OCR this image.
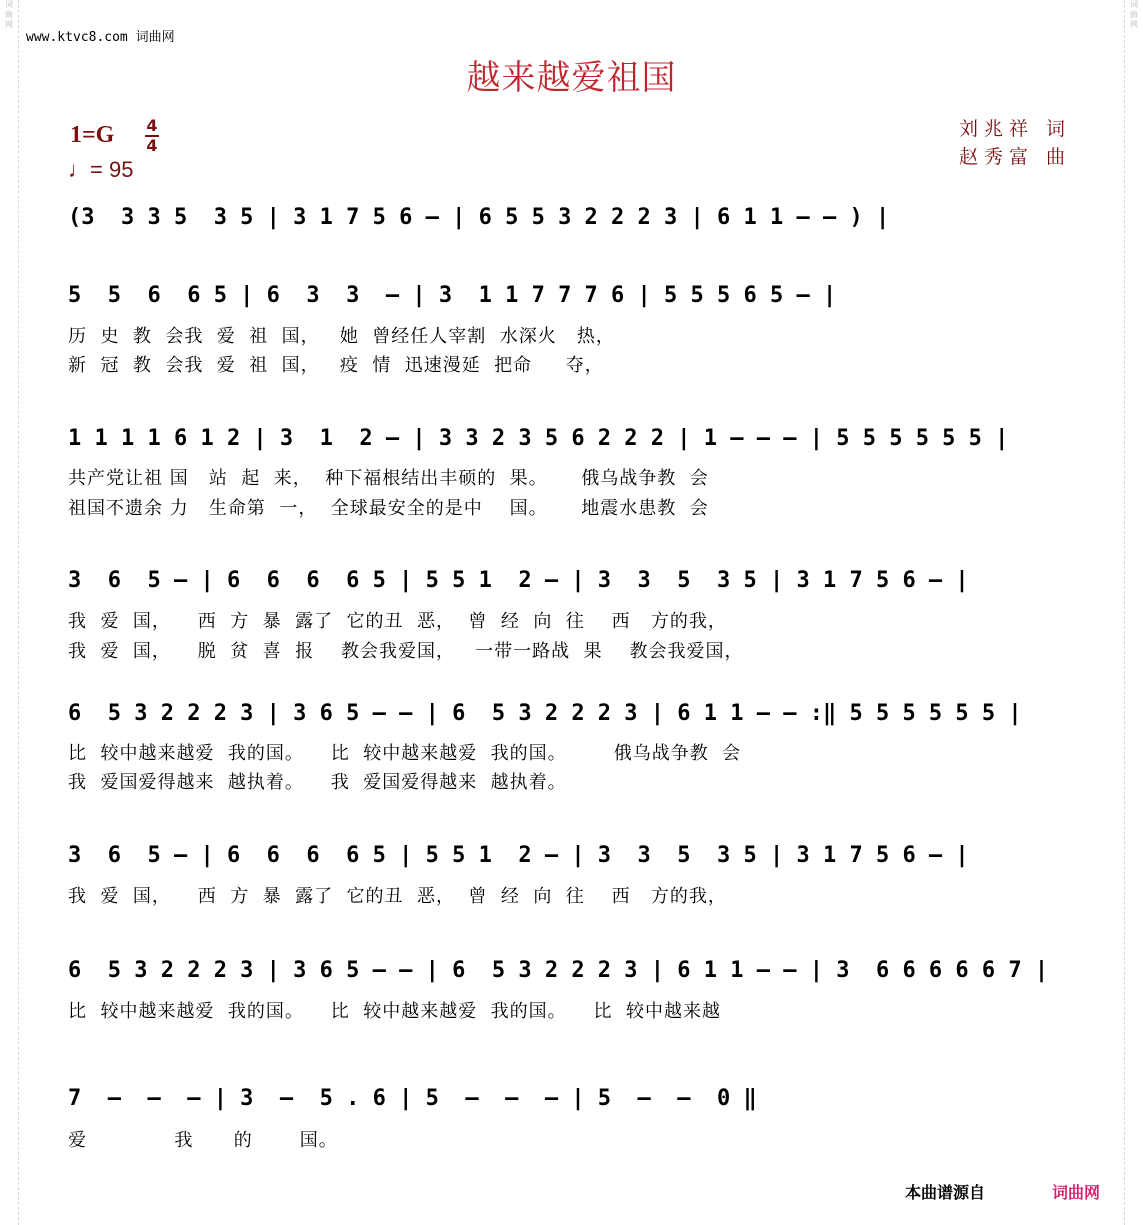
词
曲
网
词
曲
网
www.ktvc8.com 词曲网
越来越爱祖国
1=G 4
4
♩= 95
刘兆祥 词
赵秀富 曲
(3  3 3 5  3 5 | 3 1 7 5 6 – | 6 5 5 3 2 2 2 3 | 6 1 1 – – ) |
5  5  6  6 5 | 6  3  3  – | 3  1 1 7 7 7 6 | 5 5 5 6 5 – |
历  史  教  会我  爱  祖  国，   她  曾经任人宰割  水深火   热，
新  冠  教  会我  爱  祖  国，   疫  情  迅速漫延  把命     夺，
1 1 1 1 6 1 2 | 3  1  2 – | 3 3 2 3 5 6 2 2 2 | 1 – – – | 5 5 5 5 5 5 |
共产党让祖 国   站  起  来，  种下福根结出丰硕的  果。     俄乌战争教  会
祖国不遗余 力   生命第  一，  全球最安全的是中    国。     地震水患教  会
3  6  5 – | 6  6  6  6 5 | 5 5 1  2 – | 3  3  5  3 5 | 3 1 7 5 6 – |
我  爱  国，    西  方  暴  露了  它的丑  恶，  曾  经  向  往    西   方的我，
我  爱  国，    脱  贫  喜  报    教会我爱国，   一带一路战  果    教会我爱国，
6  5 3 2 2 2 3 | 3 6 5 – – | 6  5 3 2 2 2 3 | 6 1 1 – – :‖ 5 5 5 5 5 5 |
比  较中越来越爱  我的国。    比  较中越来越爱  我的国。       俄乌战争教  会
我  爱国爱得越来  越执着。    我  爱国爱得越来  越执着。
3  6  5 – | 6  6  6  6 5 | 5 5 1  2 – | 3  3  5  3 5 | 3 1 7 5 6 – |
我  爱  国，    西  方  暴  露了  它的丑  恶，  曾  经  向  往    西   方的我，
6  5 3 2 2 2 3 | 3 6 5 – – | 6  5 3 2 2 2 3 | 6 1 1 – – | 3  6 6 6 6 6 7 |
比  较中越来越爱  我的国。    比  较中越来越爱  我的国。    比  较中越来越
7  –  –  – | 3  –  5 . 6 | 5  –  –  – | 5  –  –  0 ‖
爱             我      的       国。
本曲谱源自	词曲网
